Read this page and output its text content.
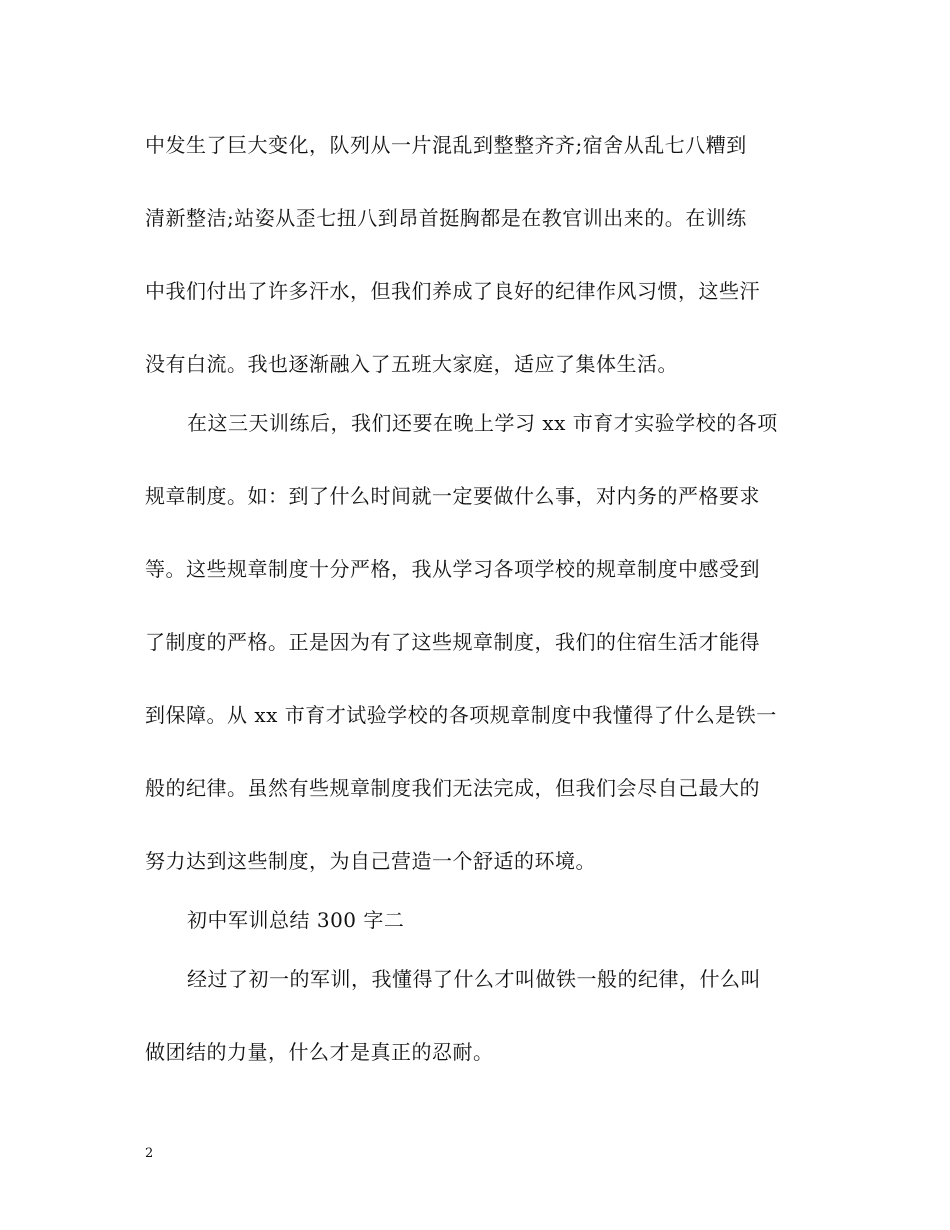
中发生了巨大变化，队列从一片混乱到整整齐齐;宿舍从乱七八糟到
清新整洁;站姿从歪七扭八到昂首挺胸都是在教官训出来的。在训练
中我们付出了许多汗水，但我们养成了良好的纪律作风习惯，这些汗
没有白流。我也逐渐融入了五班大家庭，适应了集体生活。
在这三天训练后，我们还要在晚上学习 xx 市育才实验学校的各项
规章制度。如：到了什么时间就一定要做什么事，对内务的严格要求
等。这些规章制度十分严格，我从学习各项学校的规章制度中感受到
了制度的严格。正是因为有了这些规章制度，我们的住宿生活才能得
到保障。从 xx 市育才试验学校的各项规章制度中我懂得了什么是铁一
般的纪律。虽然有些规章制度我们无法完成，但我们会尽自己最大的
努力达到这些制度，为自己营造一个舒适的环境。
初中军训总结 300 字二
经过了初一的军训，我懂得了什么才叫做铁一般的纪律，什么叫
做团结的力量，什么才是真正的忍耐。
2
